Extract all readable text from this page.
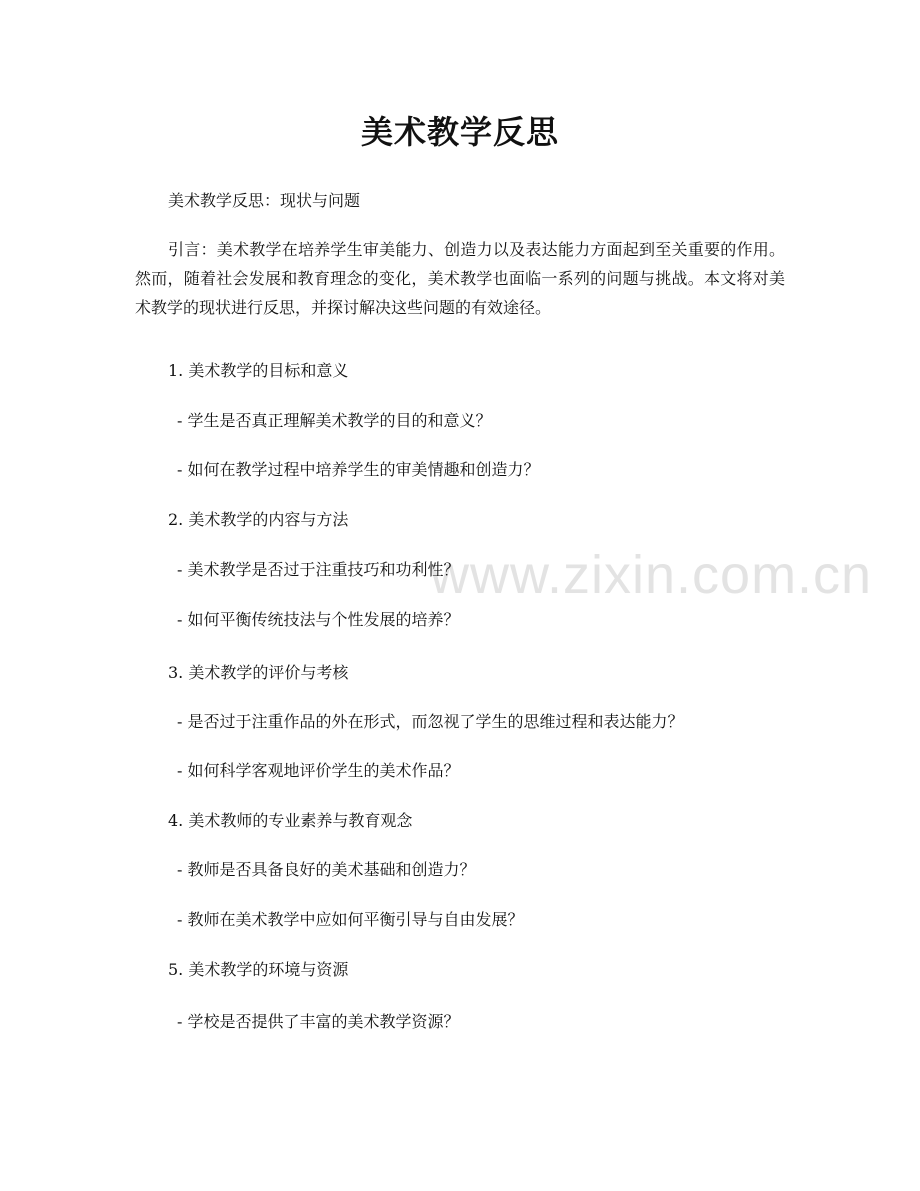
www.zixin.com.cn
美术教学反思
美术教学反思：现状与问题
引言：美术教学在培养学生审美能力、创造力以及表达能力方面起到至关重要的作用。然而，随着社会发展和教育理念的变化，美术教学也面临一系列的问题与挑战。本文将对美术教学的现状进行反思，并探讨解决这些问题的有效途径。
1. 美术教学的目标和意义
- 学生是否真正理解美术教学的目的和意义？
- 如何在教学过程中培养学生的审美情趣和创造力？
2. 美术教学的内容与方法
- 美术教学是否过于注重技巧和功利性？
- 如何平衡传统技法与个性发展的培养？
3. 美术教学的评价与考核
- 是否过于注重作品的外在形式，而忽视了学生的思维过程和表达能力？
- 如何科学客观地评价学生的美术作品？
4. 美术教师的专业素养与教育观念
- 教师是否具备良好的美术基础和创造力？
- 教师在美术教学中应如何平衡引导与自由发展？
5. 美术教学的环境与资源
- 学校是否提供了丰富的美术教学资源？
